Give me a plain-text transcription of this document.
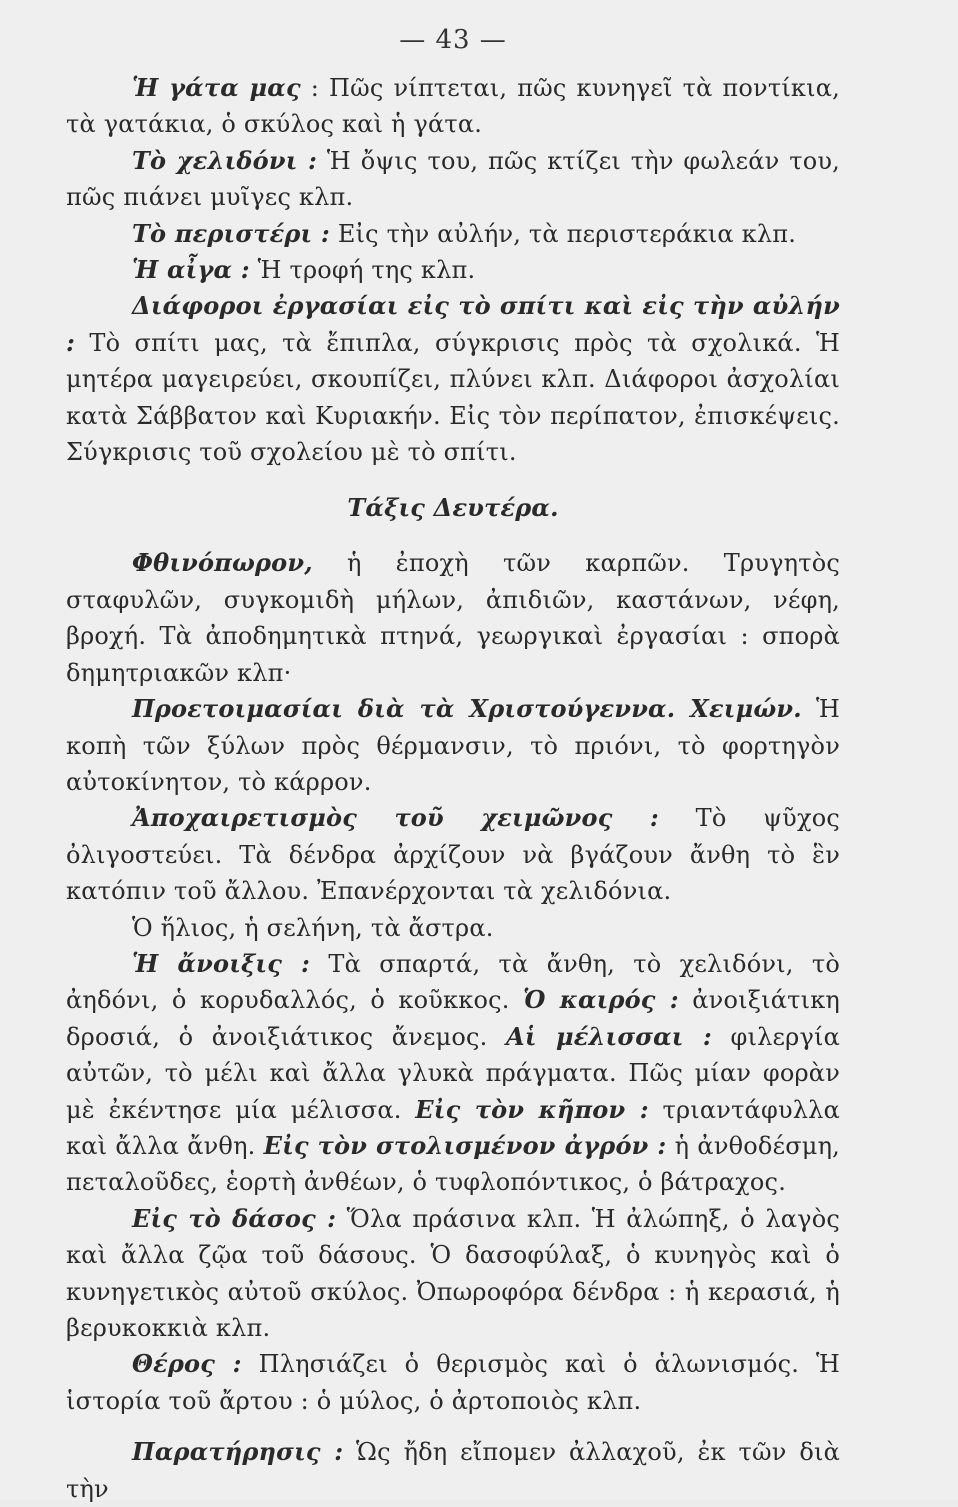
— 43 —

Ἡ γάτα μας : Πῶς νίπτεται, πῶς κυνηγεῖ τὰ ποντίκια, τὰ γατάκια, ὁ σκύλος καὶ ἡ γάτα.

Τὸ χελιδόνι : Ἡ ὄψις του, πῶς κτίζει τὴν φωλεάν του, πῶς πιάνει μυῖγες κλπ.

Τὸ περιστέρι : Εἰς τὴν αὐλήν, τὰ περιστεράκια κλπ.

Ἡ αἶγα : Ἡ τροφή της κλπ.

Διάφοροι ἐργασίαι εἰς τὸ σπίτι καὶ εἰς τὴν αὐλήν : Τὸ σπίτι μας, τὰ ἔπιπλα, σύγκρισις πρὸς τὰ σχολικά. Ἡ μητέρα μαγειρεύει, σκουπίζει, πλύνει κλπ. Διάφοροι ἀσχολίαι κατὰ Σάββατον καὶ Κυριακήν. Εἰς τὸν περίπατον, ἐπισκέψεις. Σύγκρισις τοῦ σχολείου μὲ τὸ σπίτι.

Τάξις Δευτέρα.

Φθινόπωρον, ἡ ἐποχὴ τῶν καρπῶν. Τρυγητὸς σταφυλῶν, συγκομιδὴ μήλων, ἀπιδιῶν, καστάνων, νέφη, βροχή. Τὰ ἀποδημητικὰ πτηνά, γεωργικαὶ ἐργασίαι : σπορὰ δημητριακῶν κλπ·

Προετοιμασίαι διὰ τὰ Χριστούγεννα. Χειμών. Ἡ κοπὴ τῶν ξύλων πρὸς θέρμανσιν, τὸ πριόνι, τὸ φορτηγὸν αὐτοκίνητον, τὸ κάρρον.

Ἀποχαιρετισμὸς τοῦ χειμῶνος : Τὸ ψῦχος ὀλιγοστεύει. Τὰ δένδρα ἀρχίζουν νὰ βγάζουν ἄνθη τὸ ἓν κατόπιν τοῦ ἄλλου. Ἐπανέρχονται τὰ χελιδόνια.

Ὁ ἥλιος, ἡ σελήνη, τὰ ἄστρα.

Ἡ ἄνοιξις : Τὰ σπαρτά, τὰ ἄνθη, τὸ χελιδόνι, τὸ ἀηδόνι, ὁ κορυδαλλός, ὁ κοῦκκος. Ὁ καιρός : ἀνοιξιάτικη δροσιά, ὁ ἀνοιξιάτικος ἄνεμος. Αἱ μέλισσαι : φιλεργία αὐτῶν, τὸ μέλι καὶ ἄλλα γλυκὰ πράγματα. Πῶς μίαν φορὰν μὲ ἐκέντησε μία μέλισσα. Εἰς τὸν κῆπον : τριαντάφυλλα καὶ ἄλλα ἄνθη. Εἰς τὸν στολισμένον ἀγρόν : ἡ ἀνθοδέσμη, πεταλοῦδες, ἑορτὴ ἀνθέων, ὁ τυφλοπόντικος, ὁ βάτραχος.

Εἰς τὸ δάσος : Ὅλα πράσινα κλπ. Ἡ ἀλώπηξ, ὁ λαγὸς καὶ ἄλλα ζῷα τοῦ δάσους. Ὁ δασοφύλαξ, ὁ κυνηγὸς καὶ ὁ κυνηγετικὸς αὐτοῦ σκύλος. Ὀπωροφόρα δένδρα : ἡ κερασιά, ἡ βερυκοκκιὰ κλπ.

Θέρος : Πλησιάζει ὁ θερισμὸς καὶ ὁ ἁλωνισμός. Ἡ ἱστορία τοῦ ἄρτου : ὁ μύλος, ὁ ἀρτοποιὸς κλπ.

Παρατήρησις : Ὡς ἤδη εἴπομεν ἀλλαχοῦ, ἐκ τῶν διὰ τὴν
